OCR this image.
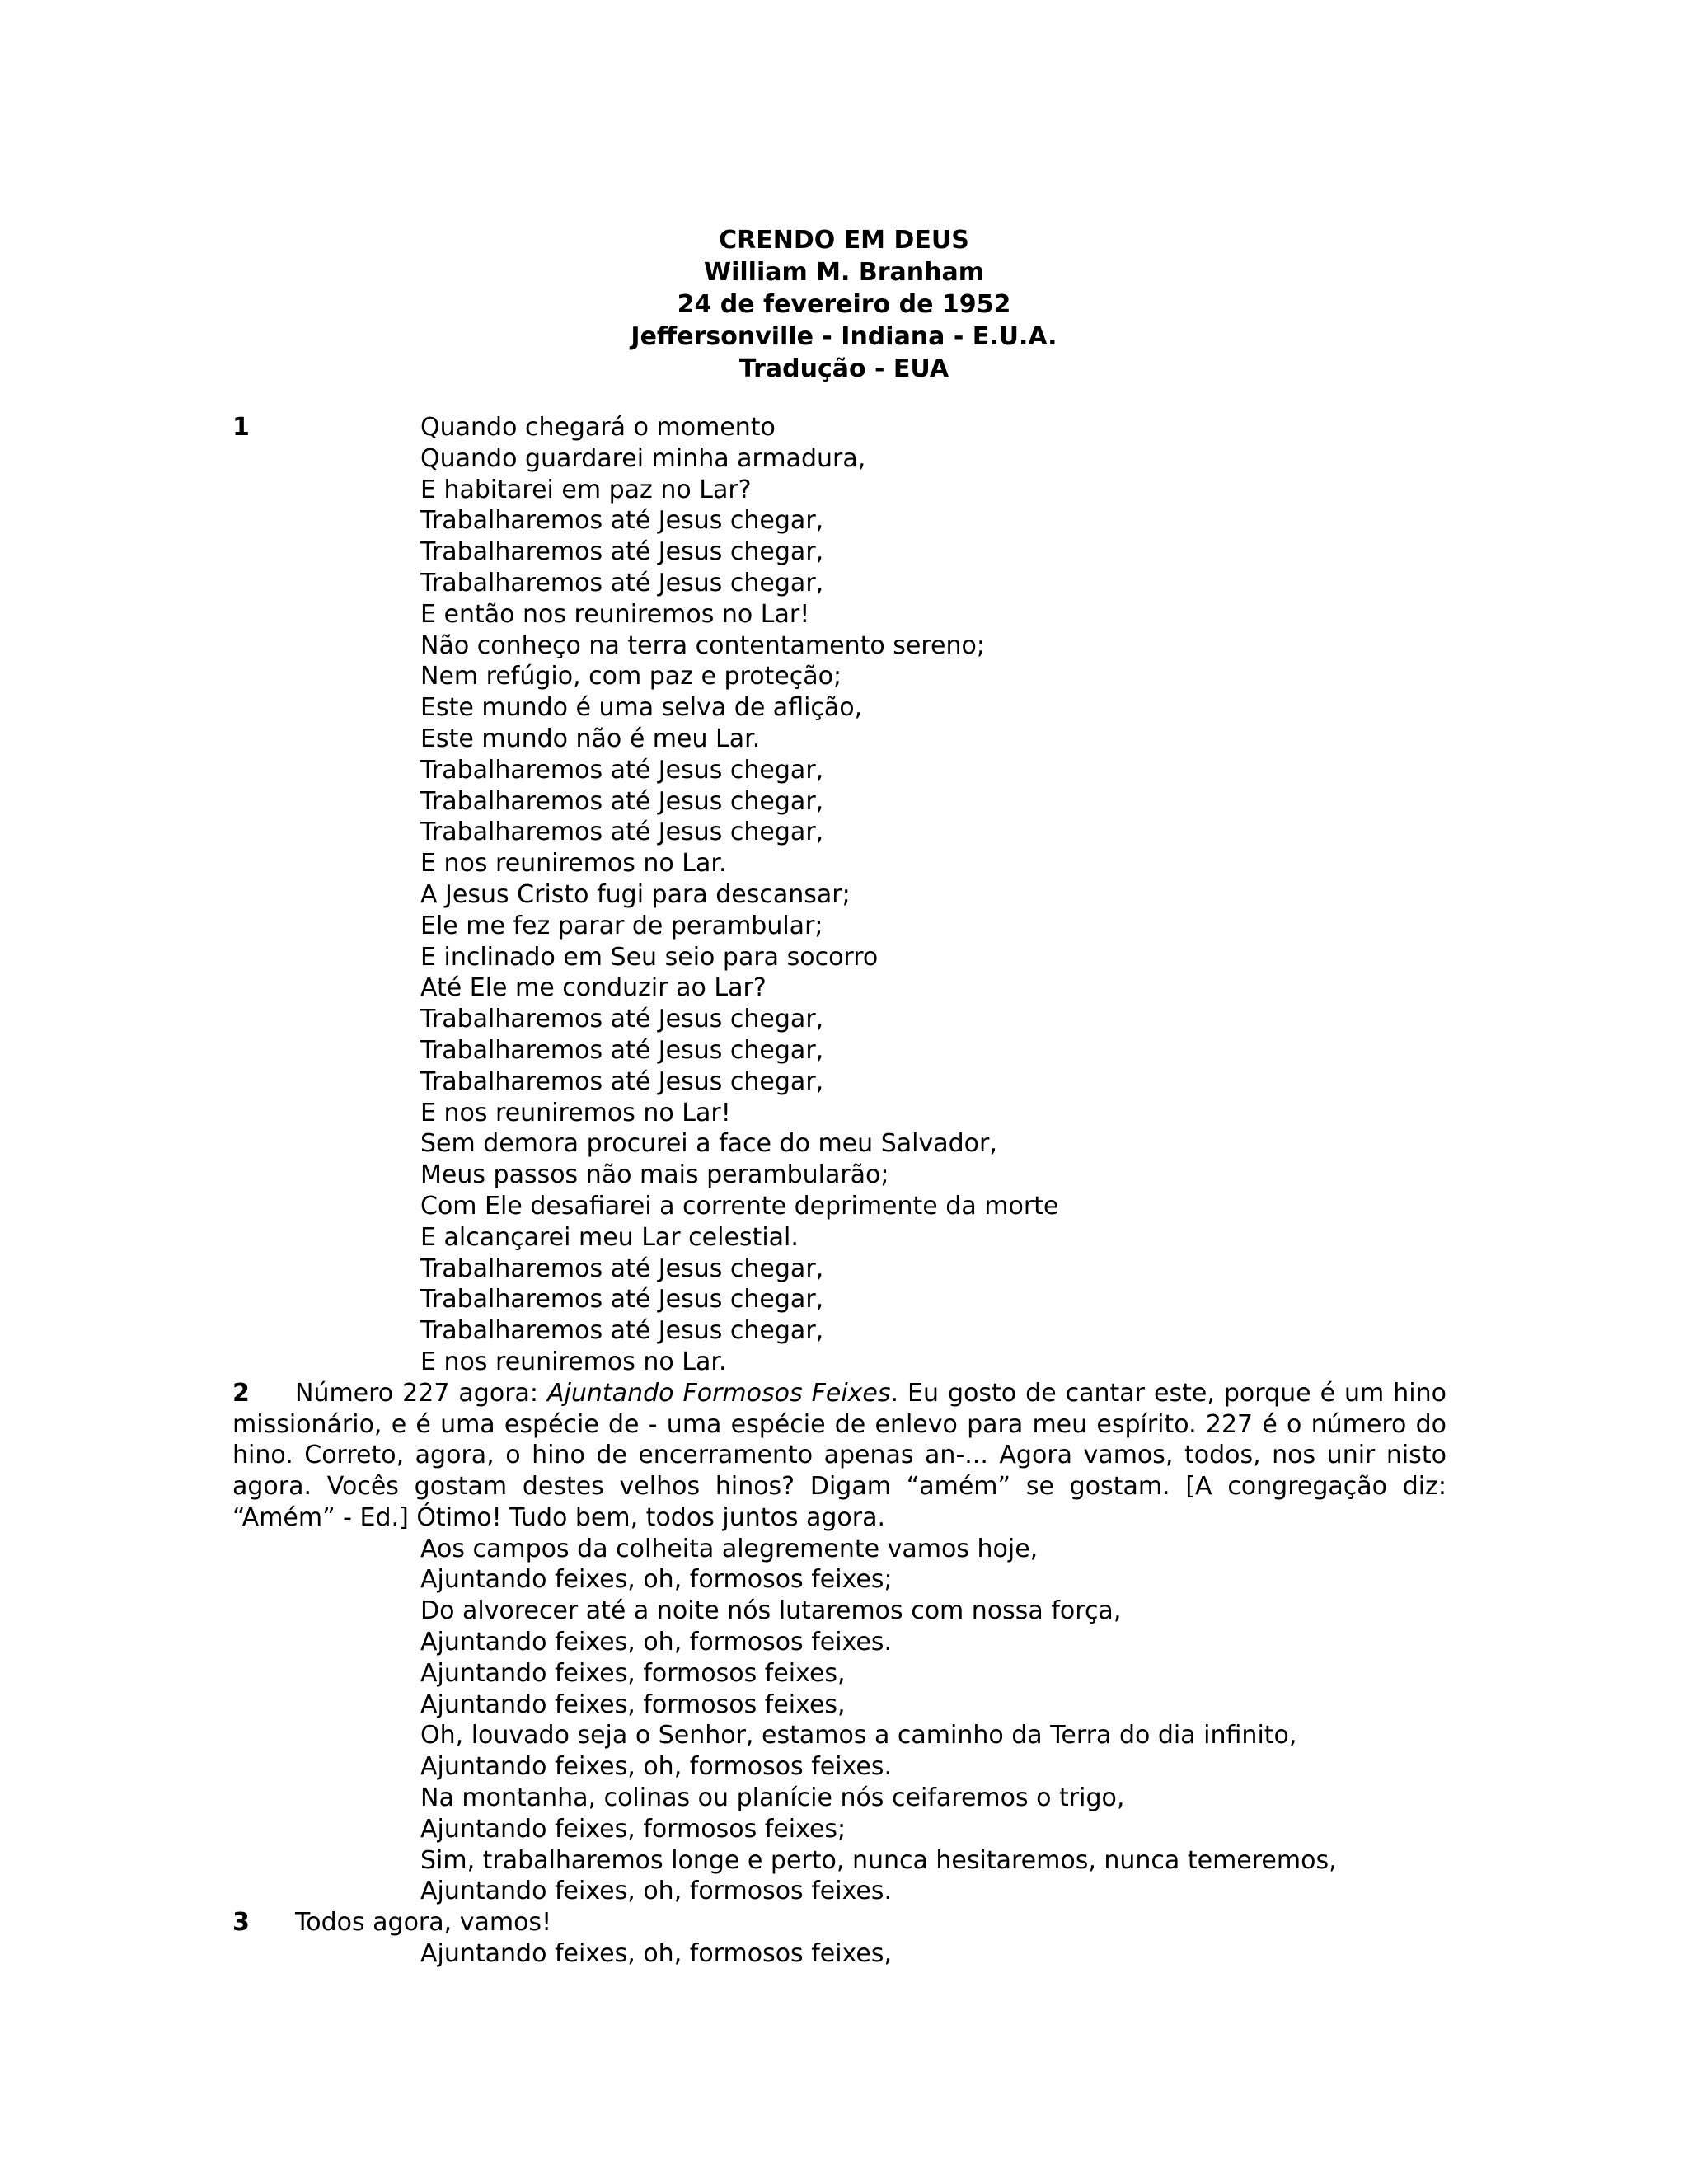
CRENDO EM DEUS
William M. Branham
24 de fevereiro de 1952
Jeffersonville - Indiana - E.U.A.
Tradução - EUA
1	Quando chegará o momento
Quando guardarei minha armadura,
E habitarei em paz no Lar?
Trabalharemos até Jesus chegar,
Trabalharemos até Jesus chegar,
Trabalharemos até Jesus chegar,
E então nos reuniremos no Lar!
Não conheço na terra contentamento sereno;
Nem refúgio, com paz e proteção;
Este mundo é uma selva de aflição,
Este mundo não é meu Lar.
Trabalharemos até Jesus chegar,
Trabalharemos até Jesus chegar,
Trabalharemos até Jesus chegar,
E nos reuniremos no Lar.
A Jesus Cristo fugi para descansar;
Ele me fez parar de perambular;
E inclinado em Seu seio para socorro
Até Ele me conduzir ao Lar?
Trabalharemos até Jesus chegar,
Trabalharemos até Jesus chegar,
Trabalharemos até Jesus chegar,
E nos reuniremos no Lar!
Sem demora procurei a face do meu Salvador,
Meus passos não mais perambularão;
Com Ele desafiarei a corrente deprimente da morte
E alcançarei meu Lar celestial.
Trabalharemos até Jesus chegar,
Trabalharemos até Jesus chegar,
Trabalharemos até Jesus chegar,
E nos reuniremos no Lar.

2 Número 227 agora: Ajuntando Formosos Feixes. Eu gosto de cantar este, porque é um hino missionário, e é uma espécie de - uma espécie de enlevo para meu espírito. 227 é o número do hino. Correto, agora, o hino de encerramento apenas an-... Agora vamos, todos, nos unir nisto agora. Vocês gostam destes velhos hinos? Digam “amém” se gostam. [A congregação diz: “Amém” - Ed.] Ótimo! Tudo bem, todos juntos agora.

Aos campos da colheita alegremente vamos hoje,
Ajuntando feixes, oh, formosos feixes;
Do alvorecer até a noite nós lutaremos com nossa força,
Ajuntando feixes, oh, formosos feixes.
Ajuntando feixes, formosos feixes,
Ajuntando feixes, formosos feixes,
Oh, louvado seja o Senhor, estamos a caminho da Terra do dia infinito,
Ajuntando feixes, oh, formosos feixes.
Na montanha, colinas ou planície nós ceifaremos o trigo,
Ajuntando feixes, formosos feixes;
Sim, trabalharemos longe e perto, nunca hesitaremos, nunca temeremos,
Ajuntando feixes, oh, formosos feixes.
3 Todos agora, vamos!
Ajuntando feixes, oh, formosos feixes,
